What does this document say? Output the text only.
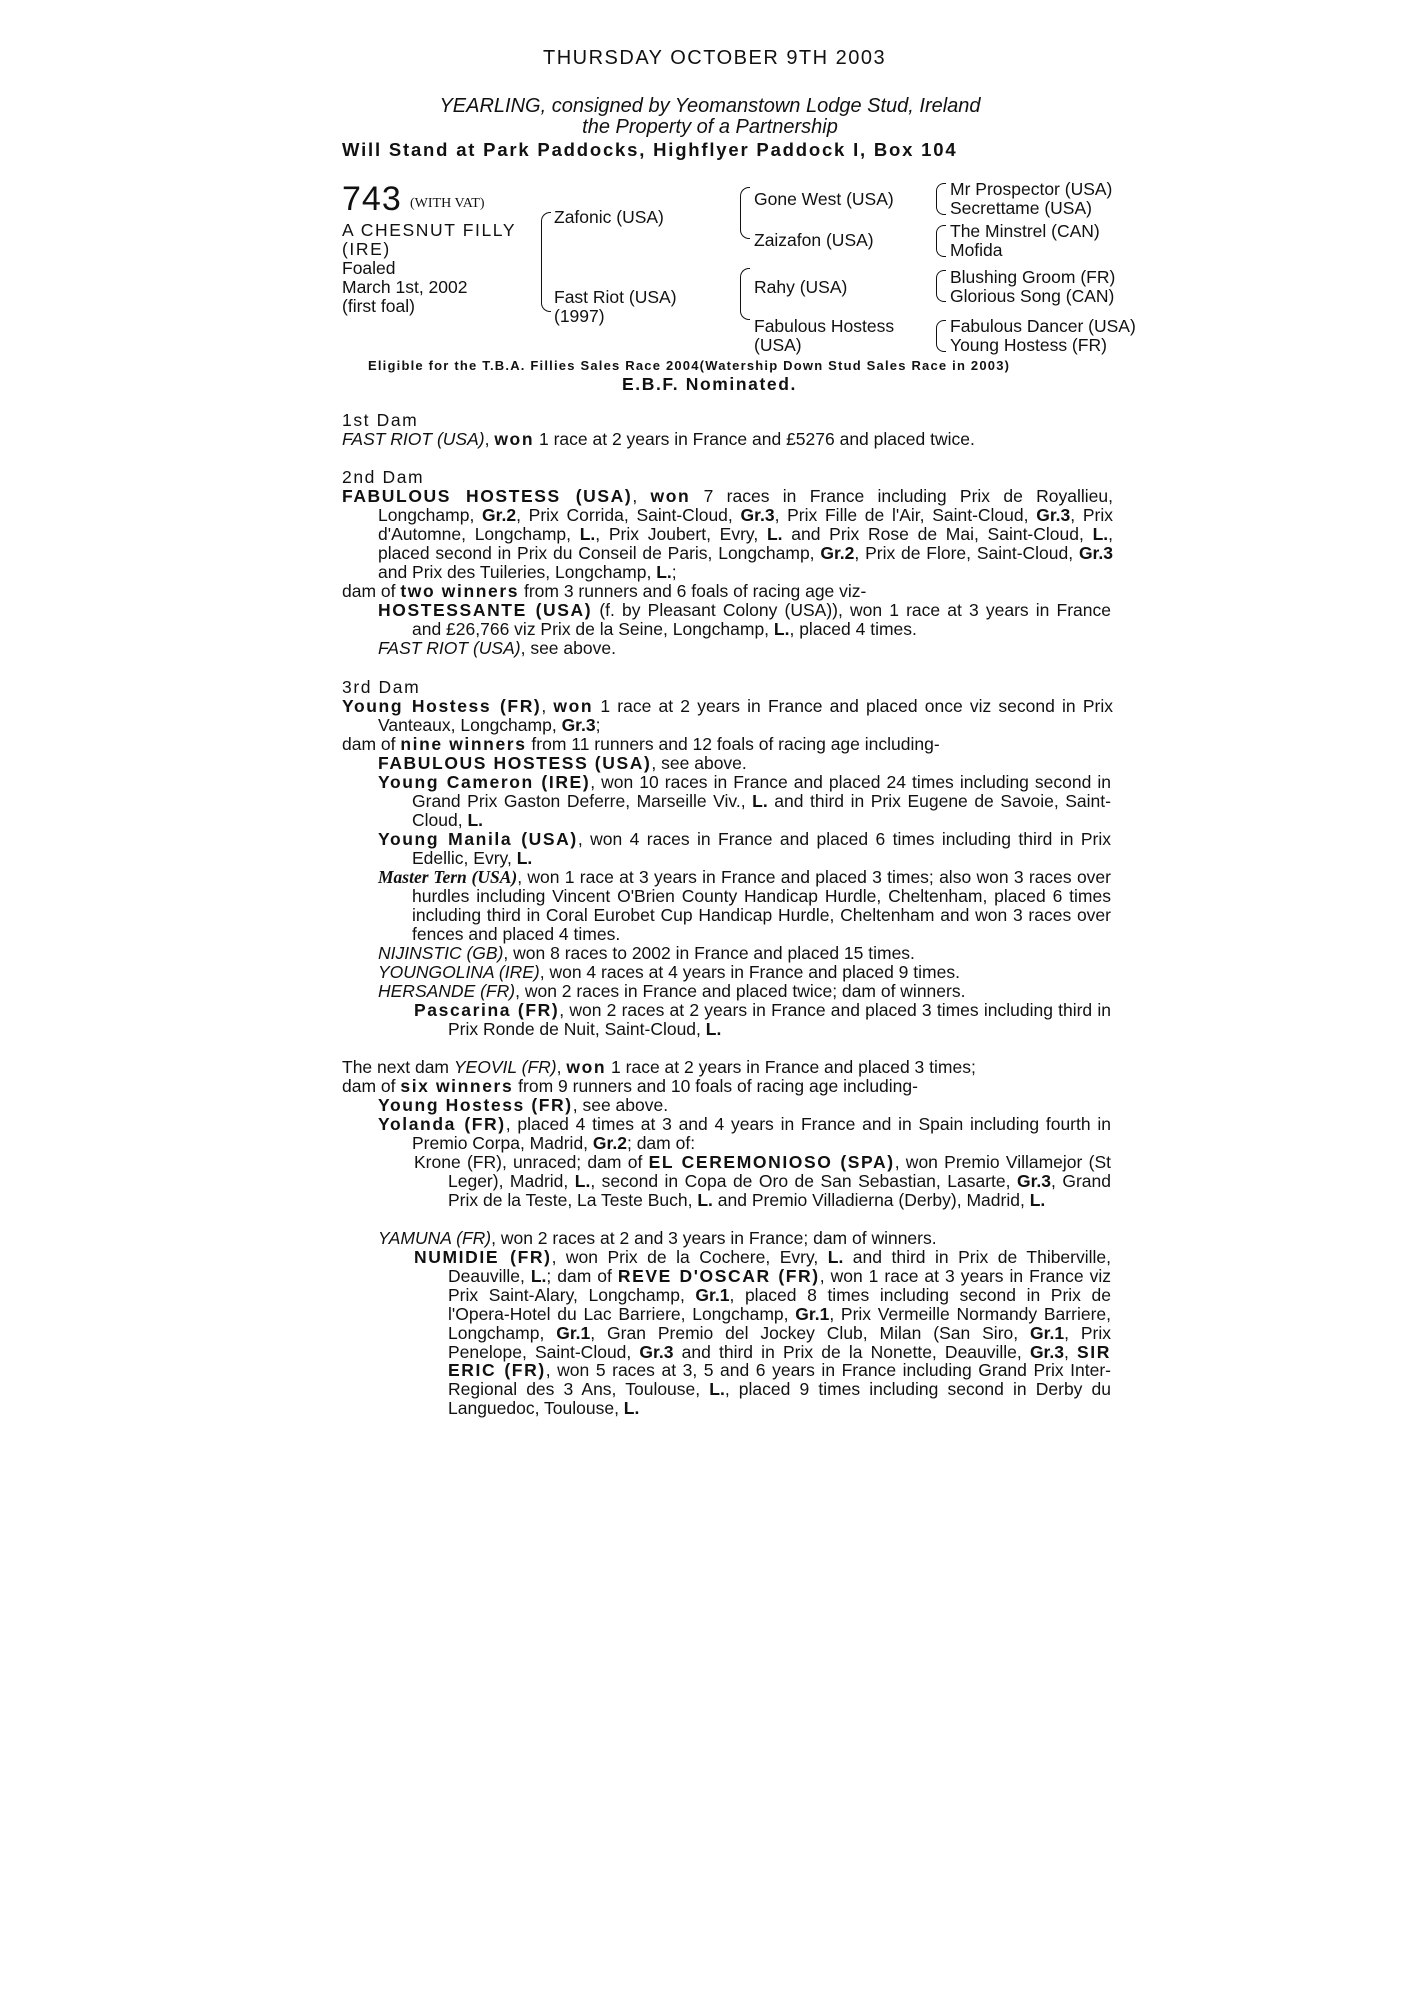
THURSDAY OCTOBER 9TH 2003
YEARLING, consigned by Yeomanstown Lodge Stud, Ireland
the Property of a Partnership
Will Stand at Park Paddocks, Highflyer Paddock I, Box 104
743 (WITH VAT)
A CHESNUT FILLY
(IRE)
Foaled
March 1st, 2002
(first foal)
Zafonic (USA)
Fast Riot (USA)
(1997)
Gone West (USA)
Zaizafon (USA)
Rahy (USA)
Fabulous Hostess
(USA)
Mr Prospector (USA)
Secrettame (USA)
The Minstrel (CAN)
Mofida
Blushing Groom (FR)
Glorious Song (CAN)
Fabulous Dancer (USA)
Young Hostess (FR)
Eligible for the T.B.A. Fillies Sales Race 2004(Watership Down Stud Sales Race in 2003)
E.B.F. Nominated.
1st Dam
FAST RIOT (USA), won 1 race at 2 years in France and £5276 and placed twice.
2nd Dam
FABULOUS HOSTESS (USA), won 7 races in France including Prix de Royallieu, Longchamp, Gr.2, Prix Corrida, Saint-Cloud, Gr.3, Prix Fille de l'Air, Saint-Cloud, Gr.3, Prix d'Automne, Longchamp, L., Prix Joubert, Evry, L. and Prix Rose de Mai, Saint-Cloud, L., placed second in Prix du Conseil de Paris, Longchamp, Gr.2, Prix de Flore, Saint-Cloud, Gr.3 and Prix des Tuileries, Longchamp, L.;
dam of two winners from 3 runners and 6 foals of racing age viz-
HOSTESSANTE (USA) (f. by Pleasant Colony (USA)), won 1 race at 3 years in France and £26,766 viz Prix de la Seine, Longchamp, L., placed 4 times.
FAST RIOT (USA), see above.
3rd Dam
Young Hostess (FR), won 1 race at 2 years in France and placed once viz second in Prix Vanteaux, Longchamp, Gr.3;
dam of nine winners from 11 runners and 12 foals of racing age including-
FABULOUS HOSTESS (USA), see above.
Young Cameron (IRE), won 10 races in France and placed 24 times including second in Grand Prix Gaston Deferre, Marseille Viv., L. and third in Prix Eugene de Savoie, Saint-Cloud, L.
Young Manila (USA), won 4 races in France and placed 6 times including third in Prix Edellic, Evry, L.
Master Tern (USA), won 1 race at 3 years in France and placed 3 times; also won 3 races over hurdles including Vincent O'Brien County Handicap Hurdle, Cheltenham, placed 6 times including third in Coral Eurobet Cup Handicap Hurdle, Cheltenham and won 3 races over fences and placed 4 times.
NIJINSTIC (GB), won 8 races to 2002 in France and placed 15 times.
YOUNGOLINA (IRE), won 4 races at 4 years in France and placed 9 times.
HERSANDE (FR), won 2 races in France and placed twice; dam of winners.
Pascarina (FR), won 2 races at 2 years in France and placed 3 times including third in Prix Ronde de Nuit, Saint-Cloud, L.
The next dam YEOVIL (FR), won 1 race at 2 years in France and placed 3 times;
dam of six winners from 9 runners and 10 foals of racing age including-
Young Hostess (FR), see above.
Yolanda (FR), placed 4 times at 3 and 4 years in France and in Spain including fourth in Premio Corpa, Madrid, Gr.2; dam of:
Krone (FR), unraced; dam of EL CEREMONIOSO (SPA), won Premio Villamejor (St Leger), Madrid, L., second in Copa de Oro de San Sebastian, Lasarte, Gr.3, Grand Prix de la Teste, La Teste Buch, L. and Premio Villadierna (Derby), Madrid, L.
YAMUNA (FR), won 2 races at 2 and 3 years in France; dam of winners.
NUMIDIE (FR), won Prix de la Cochere, Evry, L. and third in Prix de Thiberville, Deauville, L.; dam of REVE D'OSCAR (FR), won 1 race at 3 years in France viz Prix Saint-Alary, Longchamp, Gr.1, placed 8 times including second in Prix de l'Opera-Hotel du Lac Barriere, Longchamp, Gr.1, Prix Vermeille Normandy Barriere, Longchamp, Gr.1, Gran Premio del Jockey Club, Milan (San Siro, Gr.1, Prix Penelope, Saint-Cloud, Gr.3 and third in Prix de la Nonette, Deauville, Gr.3, SIR ERIC (FR), won 5 races at 3, 5 and 6 years in France including Grand Prix Inter-Regional des 3 Ans, Toulouse, L., placed 9 times including second in Derby du Languedoc, Toulouse, L.
